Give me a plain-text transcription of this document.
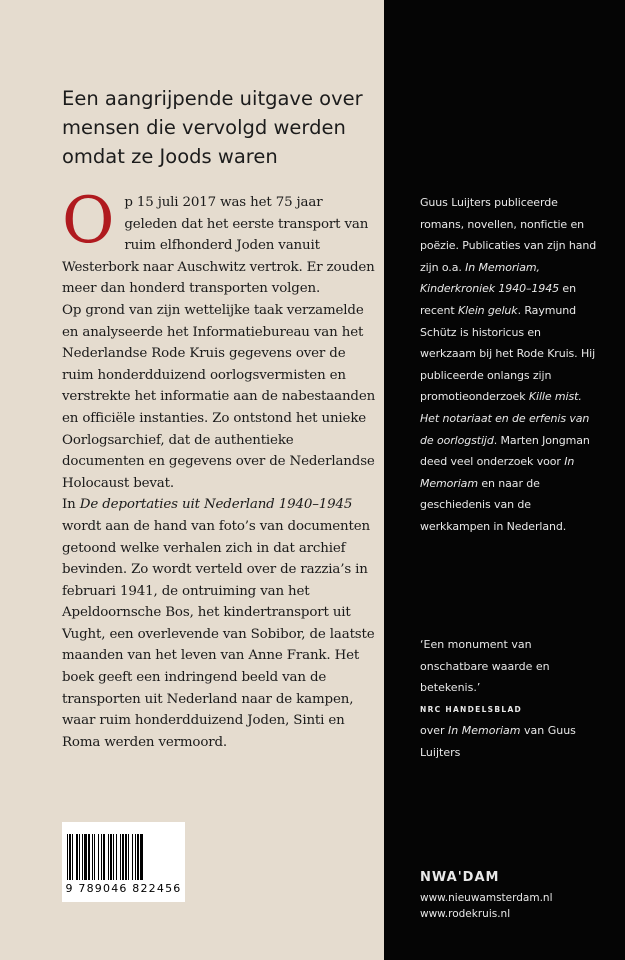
Een aangrijpende uitgave over mensen die vervolgd werden omdat ze Joods waren
O p 15 juli 2017 was het 75 jaar geleden dat het eerste transport van ruim elfhonderd Joden vanuit Westerbork naar Auschwitz vertrok. Er zouden meer dan honderd transporten volgen.

Op grond van zijn wettelijke taak verzamelde en analyseerde het Informatiebureau van het Nederlandse Rode Kruis gegevens over de ruim honderdduizend oorlogsvermisten en verstrekte het informatie aan de nabestaanden en officiële instanties. Zo ontstond het unieke Oorlogsarchief, dat de authentieke documenten en gegevens over de Nederlandse Holocaust bevat.

In De deportaties uit Nederland 1940–1945 wordt aan de hand van foto’s van documenten getoond welke verhalen zich in dat archief bevinden. Zo wordt verteld over de razzia’s in februari 1941, de ontruiming van het Apeldoornsche Bos, het kindertransport uit Vught, een overlevende van Sobibor, de laatste maanden van het leven van Anne Frank. Het boek geeft een indringend beeld van de transporten uit Nederland naar de kampen, waar ruim honderdduizend Joden, Sinti en Roma werden vermoord.

9 789046 822456

Guus Luijters publiceerde romans, novellen, nonfictie en poëzie. Publicaties van zijn hand zijn o.a. In Memoriam, Kinderkroniek 1940–1945 en recent Klein geluk. Raymund Schütz is historicus en werkzaam bij het Rode Kruis. Hij publiceerde onlangs zijn promotieonderzoek Kille mist. Het notariaat en de erfenis van de oorlogstijd. Marten Jongman deed veel onderzoek voor In Memoriam en naar de geschiedenis van de werkkampen in Nederland.

‘Een monument van onschatbare waarde en betekenis.’

NRC HANDELSBLAD

over In Memoriam van Guus Luijters

NWA'DAM
www.nieuwamsterdam.nl
www.rodekruis.nl
